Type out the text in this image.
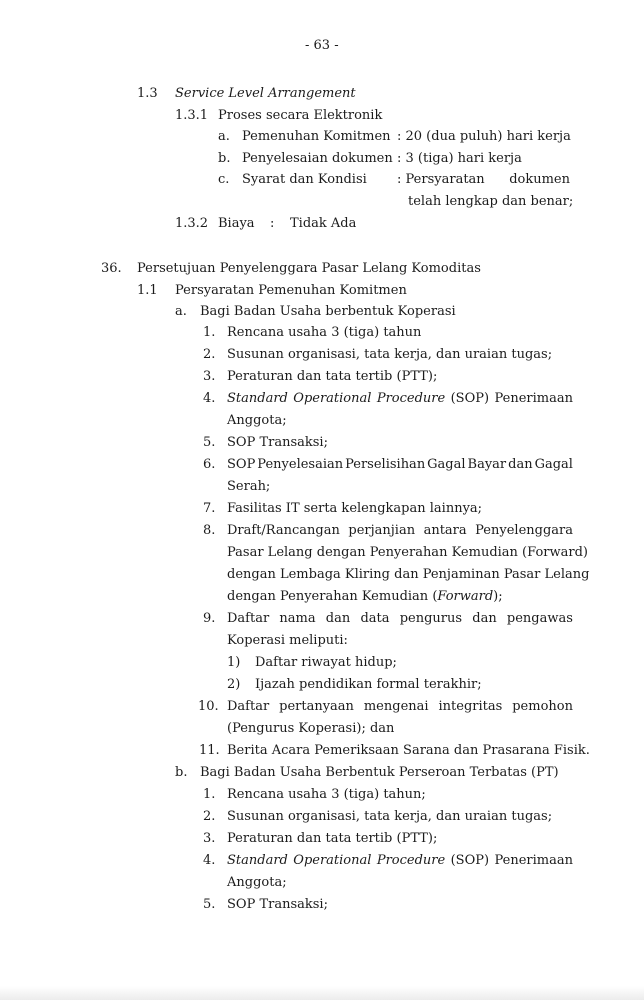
- 63 -
1.3 Service Level Arrangement
1.3.1 Proses secara Elektronik
a. Pemenuhan Komitmen : 20 (dua puluh) hari kerja
b. Penyelesaian dokumen : 3 (tiga) hari kerja
c. Syarat dan Kondisi : Persyaratan dokumen
telah lengkap dan benar;
1.3.2 Biaya : Tidak Ada
36. Persetujuan Penyelenggara Pasar Lelang Komoditas
1.1 Persyaratan Pemenuhan Komitmen
a. Bagi Badan Usaha berbentuk Koperasi
1. Rencana usaha 3 (tiga) tahun
2. Susunan organisasi, tata kerja, dan uraian tugas;
3. Peraturan dan tata tertib (PTT);
4. Standard Operational Procedure (SOP) Penerimaan
Anggota;
5. SOP Transaksi;
6. SOP Penyelesaian Perselisihan Gagal Bayar dan Gagal
Serah;
7. Fasilitas IT serta kelengkapan lainnya;
8. Draft/Rancangan perjanjian antara Penyelenggara
Pasar Lelang dengan Penyerahan Kemudian (Forward)
dengan Lembaga Kliring dan Penjaminan Pasar Lelang
dengan Penyerahan Kemudian (Forward);
9. Daftar nama dan data pengurus dan pengawas
Koperasi meliputi:
1) Daftar riwayat hidup;
2) Ijazah pendidikan formal terakhir;
10. Daftar pertanyaan mengenai integritas pemohon
(Pengurus Koperasi); dan
11. Berita Acara Pemeriksaan Sarana dan Prasarana Fisik.
b. Bagi Badan Usaha Berbentuk Perseroan Terbatas (PT)
1. Rencana usaha 3 (tiga) tahun;
2. Susunan organisasi, tata kerja, dan uraian tugas;
3. Peraturan dan tata tertib (PTT);
4. Standard Operational Procedure (SOP) Penerimaan
Anggota;
5. SOP Transaksi;
